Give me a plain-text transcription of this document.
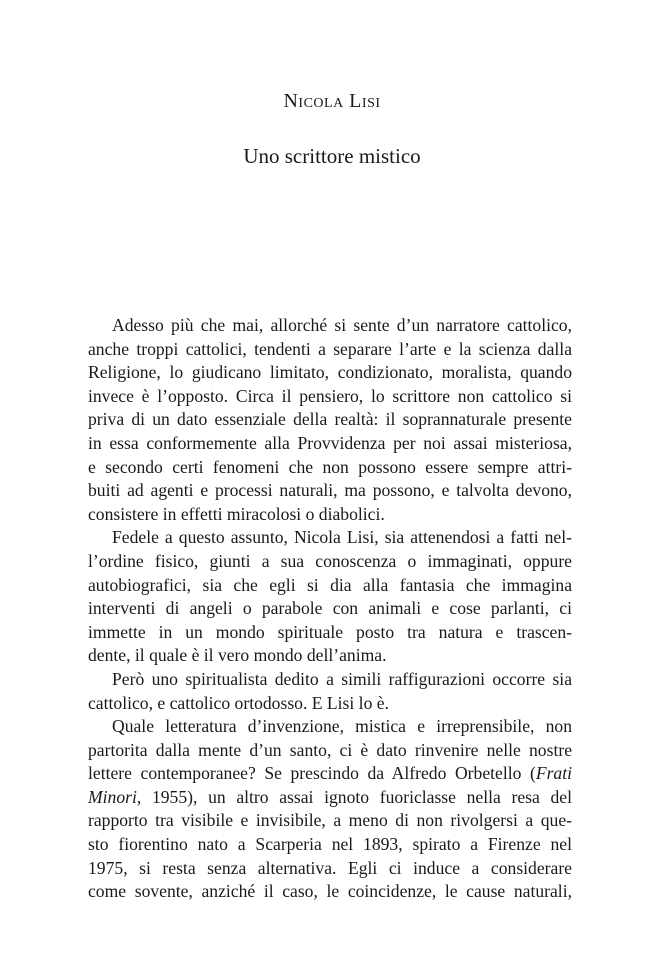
Nicola Lisi
Uno scrittore mistico
Adesso più che mai, allorché si sente d’un narratore cattolico,
anche troppi cattolici, tendenti a separare l’arte e la scienza dalla
Religione, lo giudicano limitato, condizionato, moralista, quando
invece è l’opposto. Circa il pensiero, lo scrittore non cattolico si
priva di un dato essenziale della realtà: il soprannaturale presente
in essa conformemente alla Provvidenza per noi assai misteriosa,
e secondo certi fenomeni che non possono essere sempre attri-
buiti ad agenti e processi naturali, ma possono, e talvolta devono,
consistere in effetti miracolosi o diabolici.
Fedele a questo assunto, Nicola Lisi, sia attenendosi a fatti nel-
l’ordine fisico, giunti a sua conoscenza o immaginati, oppure
autobiografici, sia che egli si dia alla fantasia che immagina
interventi di angeli o parabole con animali e cose parlanti, ci
immette in un mondo spirituale posto tra natura e trascen-
dente, il quale è il vero mondo dell’anima.
Però uno spiritualista dedito a simili raffigurazioni occorre sia
cattolico, e cattolico ortodosso. E Lisi lo è.
Quale letteratura d’invenzione, mistica e irreprensibile, non
partorita dalla mente d’un santo, ci è dato rinvenire nelle nostre
lettere contemporanee? Se prescindo da Alfredo Orbetello (Frati
Minori, 1955), un altro assai ignoto fuoriclasse nella resa del
rapporto tra visibile e invisibile, a meno di non rivolgersi a que-
sto fiorentino nato a Scarperia nel 1893, spirato a Firenze nel
1975, si resta senza alternativa. Egli ci induce a considerare
come sovente, anziché il caso, le coincidenze, le cause naturali,
